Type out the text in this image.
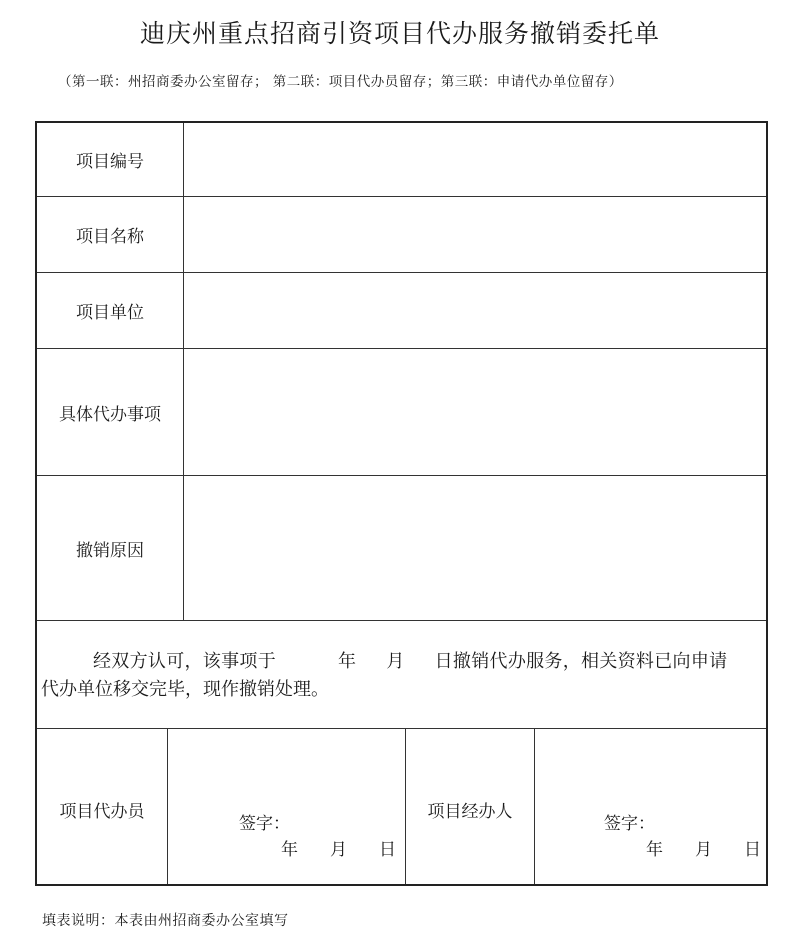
迪庆州重点招商引资项目代办服务撤销委托单
（第一联：州招商委办公室留存； 第二联：项目代办员留存；第三联：申请代办单位留存）
项目编号
项目名称
项目单位
具体代办事项
撤销原因
经双方认可，该事项于	年 月 日撤销代办服务，相关资料已向申请
代办单位移交完毕，现作撤销处理。
项目代办员
签字：
年 月 日
项目经办人
签字：
年 月 日
填表说明：本表由州招商委办公室填写
